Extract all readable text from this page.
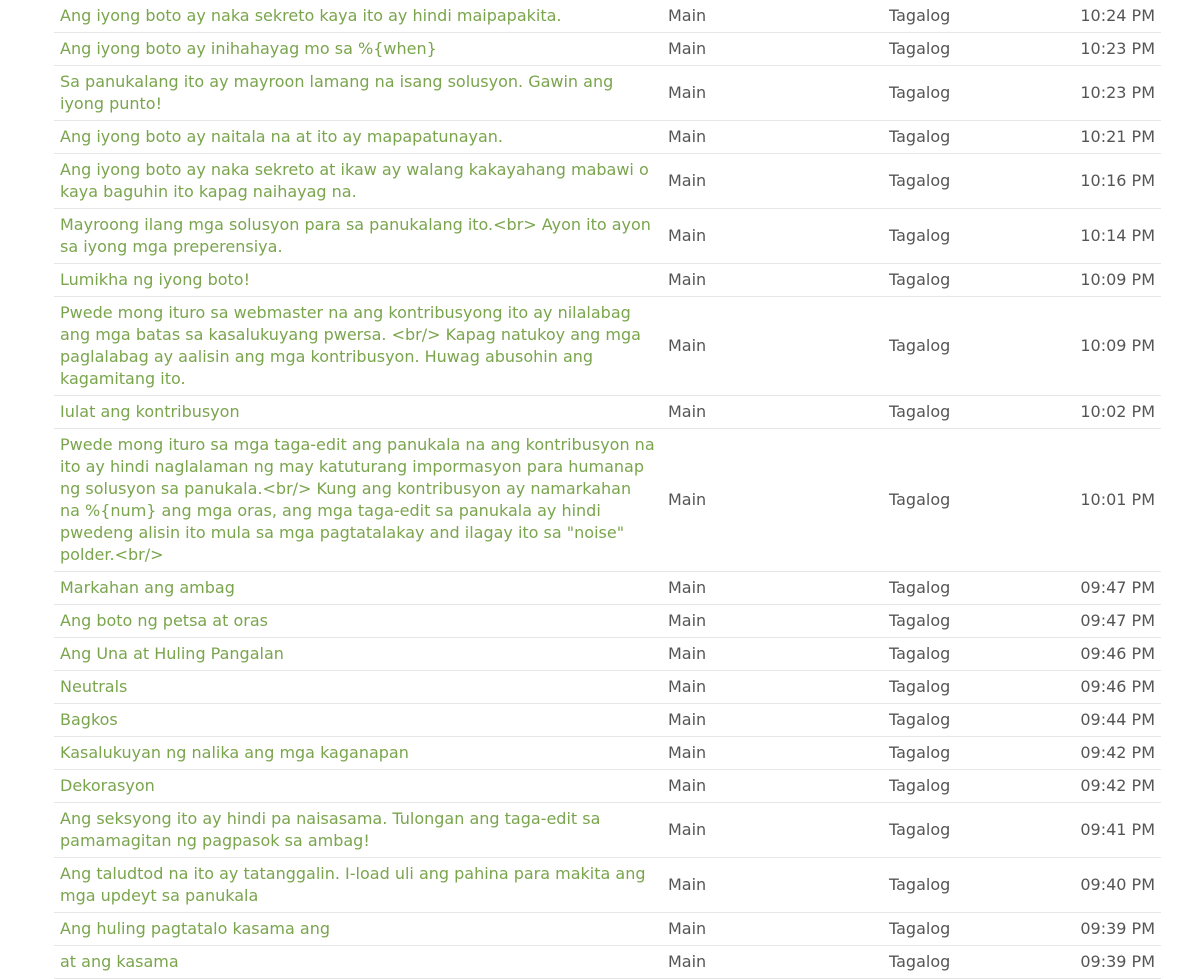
Ang iyong boto ay naka sekreto kaya ito ay hindi maipapakita.	Main	Tagalog	10:24 PM
Ang iyong boto ay inihahayag mo sa %{when}	Main	Tagalog	10:23 PM
Sa panukalang ito ay mayroon lamang na isang solusyon. Gawin ang iyong punto!	Main	Tagalog	10:23 PM
Ang iyong boto ay naitala na at ito ay mapapatunayan.	Main	Tagalog	10:21 PM
Ang iyong boto ay naka sekreto at ikaw ay walang kakayahang mabawi o kaya baguhin ito kapag naihayag na.	Main	Tagalog	10:16 PM
Mayroong ilang mga solusyon para sa panukalang ito.<br> Ayon ito ayon sa iyong mga preperensiya.	Main	Tagalog	10:14 PM
Lumikha ng iyong boto!	Main	Tagalog	10:09 PM
Pwede mong ituro sa webmaster na ang kontribusyong ito ay nilalabag ang mga batas sa kasalukuyang pwersa. <br/> Kapag natukoy ang mga paglalabag ay aalisin ang mga kontribusyon. Huwag abusohin ang kagamitang ito.	Main	Tagalog	10:09 PM
Iulat ang kontribusyon	Main	Tagalog	10:02 PM
Pwede mong ituro sa mga taga-edit ang panukala na ang kontribusyon na ito ay hindi naglalaman ng may katuturang impormasyon para humanap ng solusyon sa panukala.<br/> Kung ang kontribusyon ay namarkahan na %{num} ang mga oras, ang mga taga-edit sa panukala ay hindi pwedeng alisin ito mula sa mga pagtatalakay and ilagay ito sa "noise" polder.<br/>	Main	Tagalog	10:01 PM
Markahan ang ambag	Main	Tagalog	09:47 PM
Ang boto ng petsa at oras	Main	Tagalog	09:47 PM
Ang Una at Huling Pangalan	Main	Tagalog	09:46 PM
Neutrals	Main	Tagalog	09:46 PM
Bagkos	Main	Tagalog	09:44 PM
Kasalukuyan ng nalika ang mga kaganapan	Main	Tagalog	09:42 PM
Dekorasyon	Main	Tagalog	09:42 PM
Ang seksyong ito ay hindi pa naisasama. Tulongan ang taga-edit sa pamamagitan ng pagpasok sa ambag!	Main	Tagalog	09:41 PM
Ang taludtod na ito ay tatanggalin. I-load uli ang pahina para makita ang mga updeyt sa panukala	Main	Tagalog	09:40 PM
Ang huling pagtatalo kasama ang	Main	Tagalog	09:39 PM
at ang kasama	Main	Tagalog	09:39 PM
